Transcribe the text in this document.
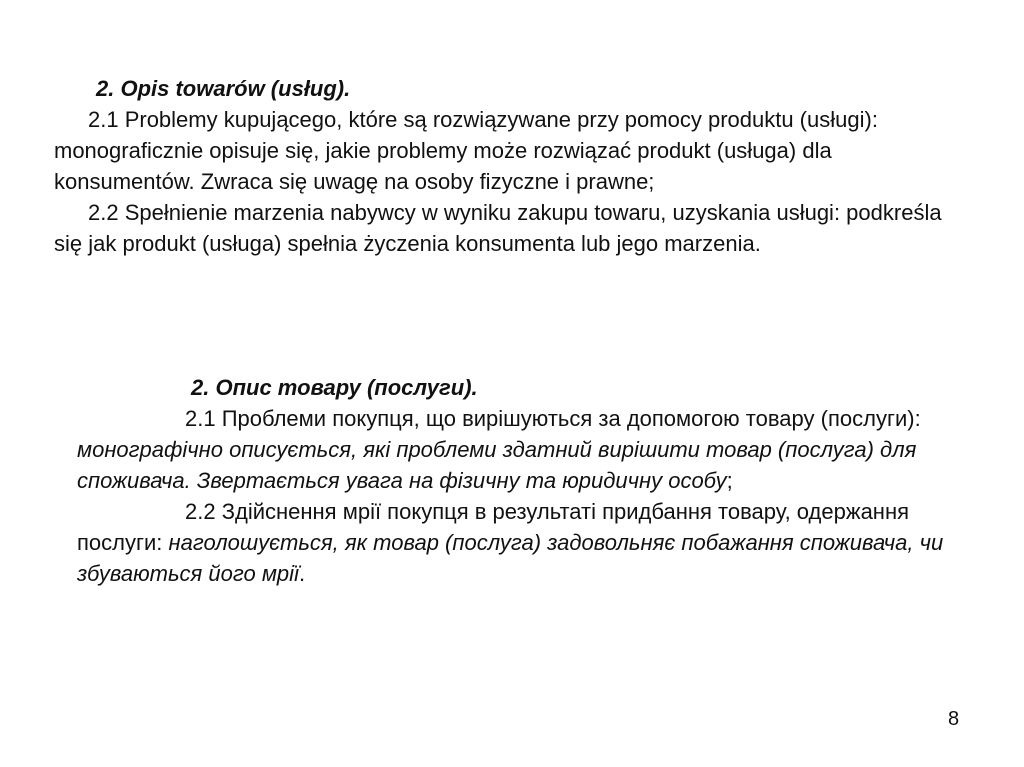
2. Opis towarów (usług).

2.1 Problemy kupującego, które są rozwiązywane przy pomocy produktu (usługi): monograficznie opisuje się, jakie problemy może rozwiązać produkt (usługa) dla konsumentów. Zwraca się uwagę na osoby fizyczne i prawne;

2.2 Spełnienie marzenia nabywcy w wyniku zakupu towaru, uzyskania usługi: podkreśla się jak produkt (usługa) spełnia życzenia konsumenta lub jego marzenia.

2. Опис товару (послуги).

2.1 Проблеми покупця, що вирішуються за допомогою товару (послуги): монографічно описується, які проблеми здатний вирішити товар (послуга) для споживача. Звертається увага на фізичну та юридичну особу;

2.2 Здійснення мрії покупця в результаті придбання товару, одержання послуги: наголошується, як товар (послуга) задовольняє побажання споживача, чи збуваються його мрії.

8
